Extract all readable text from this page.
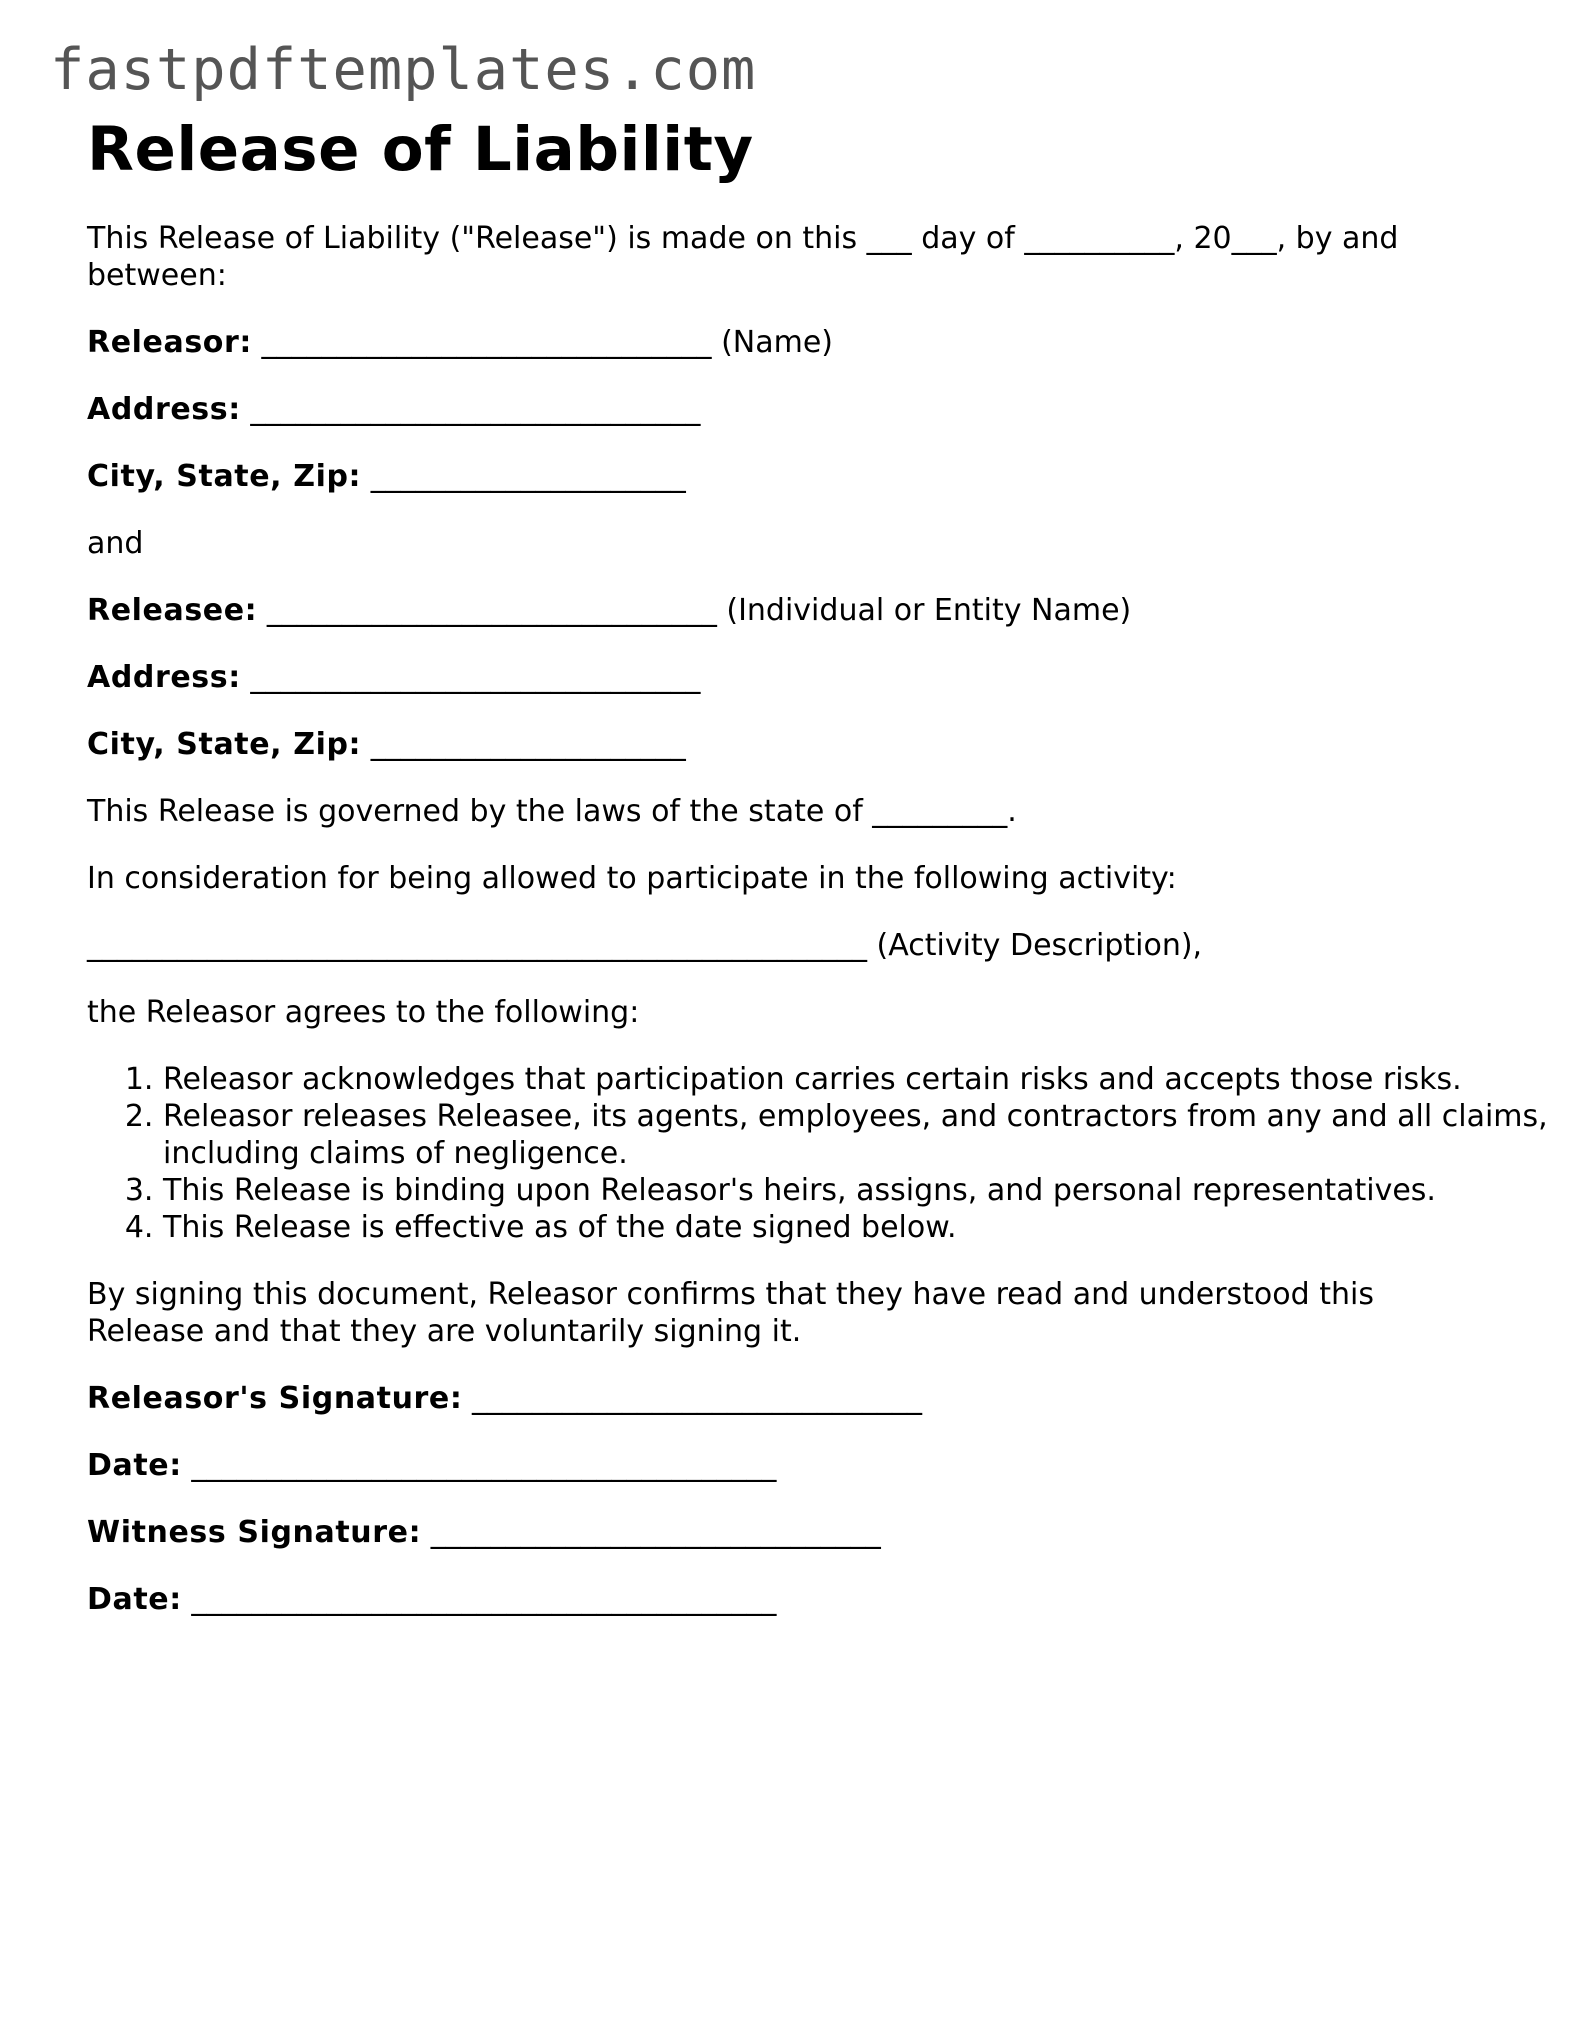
fastpdftemplates.com
Release of Liability

This Release of Liability ("Release") is made on this ___ day of __________, 20___, by and between:

Releasor: ______________________________ (Name)

Address: ______________________________

City, State, Zip: _____________________

and

Releasee: ______________________________ (Individual or Entity Name)

Address: ______________________________

City, State, Zip: _____________________

This Release is governed by the laws of the state of _________.

In consideration for being allowed to participate in the following activity:

____________________________________________________ (Activity Description),

the Releasor agrees to the following:

1. Releasor acknowledges that participation carries certain risks and accepts those risks.
2. Releasor releases Releasee, its agents, employees, and contractors from any and all claims, including claims of negligence.
3. This Release is binding upon Releasor's heirs, assigns, and personal representatives.
4. This Release is effective as of the date signed below.

By signing this document, Releasor confirms that they have read and understood this Release and that they are voluntarily signing it.

Releasor's Signature: ______________________________

Date: _______________________________________

Witness Signature: ______________________________

Date: _______________________________________
